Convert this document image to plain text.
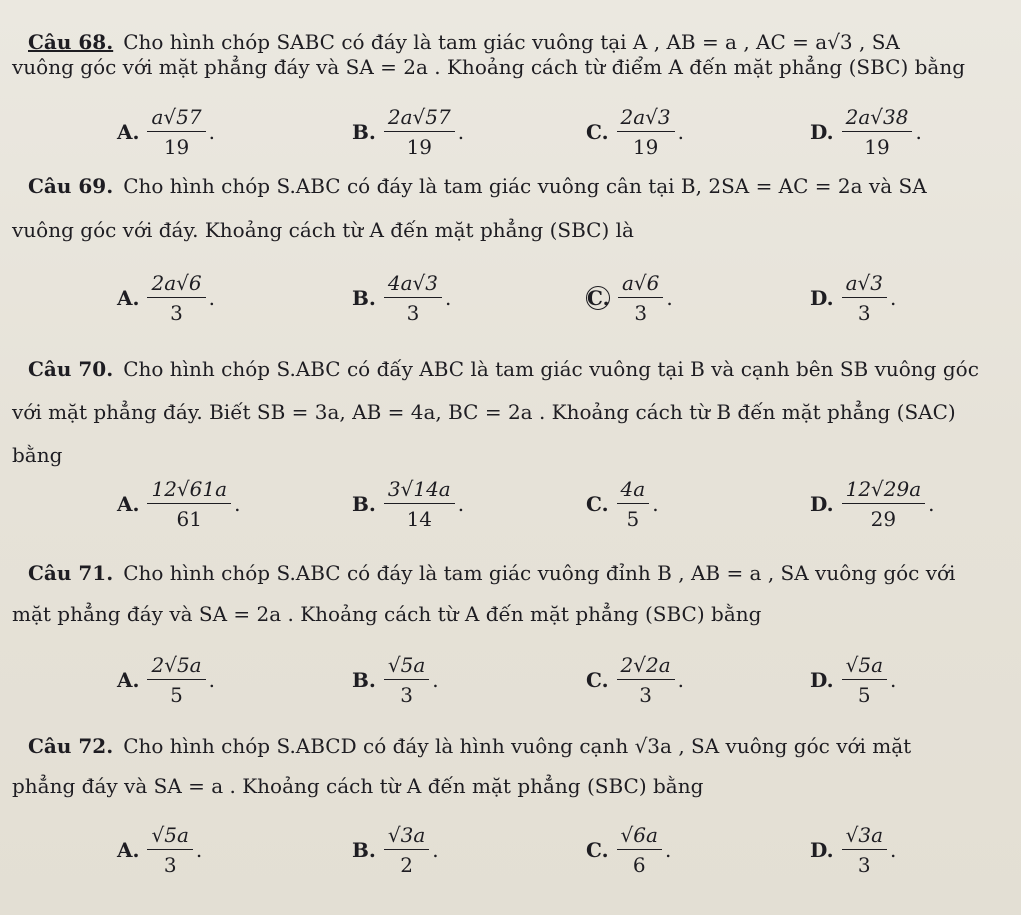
Câu 68. Cho hình chóp SABC có đáy là tam giác vuông tại A , AB = a , AC = a√3 , SA
vuông góc với mặt phẳng đáy và SA = 2a . Khoảng cách từ điểm A đến mặt phẳng (SBC) bằng
A. $\frac{a√57}{19}$ .	B. $\frac{2a√57}{19}$ .	C. $\frac{2a√3}{19}$ .	D. $\frac{2a√38}{19}$ .
Câu 69. Cho hình chóp S.ABC có đáy là tam giác vuông cân tại B, 2SA = AC = 2a và SA
vuông góc với đáy. Khoảng cách từ A đến mặt phẳng (SBC) là
A. $\frac{2a√6}{3}$ .	B. $\frac{4a√3}{3}$ .	C. $\frac{a√6}{3}$ .	D. $\frac{a√3}{3}$ .
Câu 70. Cho hình chóp S.ABC có đấy ABC là tam giác vuông tại B và cạnh bên SB vuông góc
với mặt phẳng đáy. Biết SB = 3a, AB = 4a, BC = 2a . Khoảng cách từ B đến mặt phẳng (SAC)
bằng
A. $\frac{12√61a}{61}$ .	B. $\frac{3√14a}{14}$ .	C. $\frac{4a}{5}$ .	D. $\frac{12√29a}{29}$ .
Câu 71. Cho hình chóp S.ABC có đáy là tam giác vuông đỉnh B , AB = a , SA vuông góc với
mặt phẳng đáy và SA = 2a . Khoảng cách từ A đến mặt phẳng (SBC) bằng
A. $\frac{2√5a}{5}$ .	B. $\frac{√5a}{3}$ .	C. $\frac{2√2a}{3}$ .	D. $\frac{√5a}{5}$ .
Câu 72. Cho hình chóp S.ABCD có đáy là hình vuông cạnh √3a , SA vuông góc với mặt
phẳng đáy và SA = a . Khoảng cách từ A đến mặt phẳng (SBC) bằng
A. $\frac{√5a}{3}$ .	B. $\frac{√3a}{2}$ .	C. $\frac{√6a}{6}$ .	D. $\frac{√3a}{3}$ .
